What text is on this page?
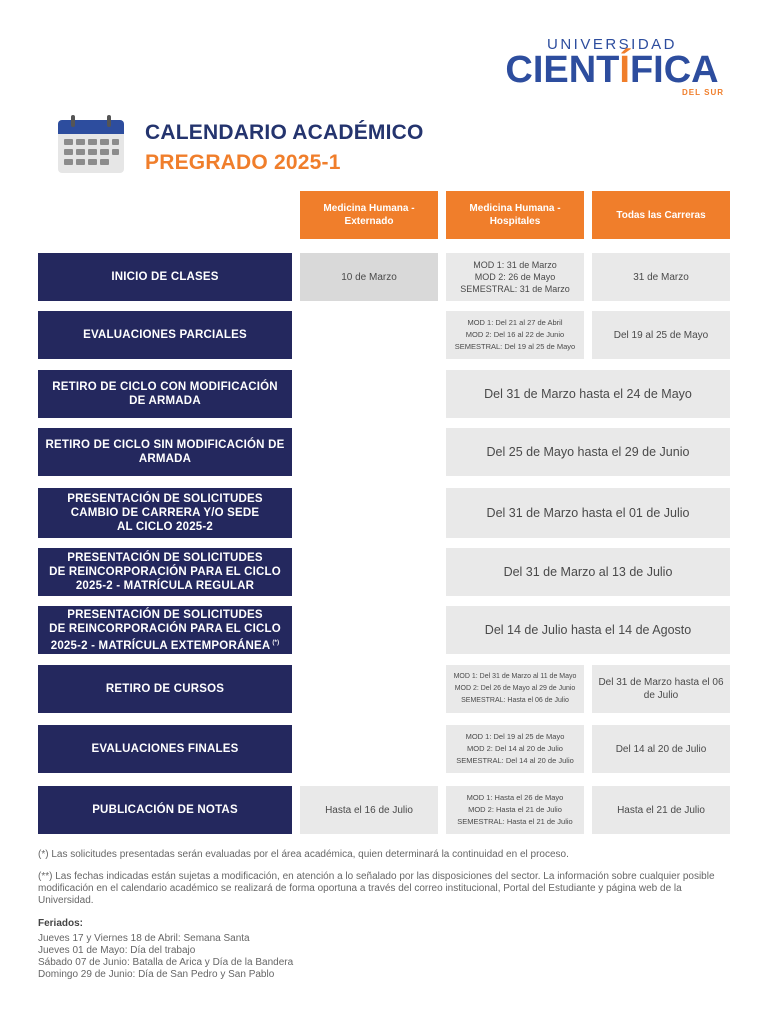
UNIVERSIDAD
CIENTÍFICA
DEL SUR
CALENDARIO ACADÉMICO
PREGRADO 2025-1
Medicina Humana - Externado
Medicina Humana - Hospitales
Todas las Carreras
INICIO DE CLASES	10 de Marzo
MOD 1: 31 de Marzo
MOD 2: 26 de Mayo
SEMESTRAL: 31 de Marzo
31 de Marzo
EVALUACIONES PARCIALES
MOD 1: Del 21 al 27 de Abril
MOD 2: Del 16 al 22 de Junio
SEMESTRAL: Del 19 al 25 de Mayo
Del 19 al 25 de Mayo
RETIRO DE CICLO CON MODIFICACIÓN DE ARMADA
Del 31 de Marzo hasta el 24 de Mayo
RETIRO DE CICLO SIN MODIFICACIÓN DE ARMADA
Del 25 de Mayo hasta el 29 de Junio
PRESENTACIÓN DE SOLICITUDES
CAMBIO DE CARRERA Y/O SEDE
AL CICLO 2025-2
Del 31 de Marzo hasta el 01 de Julio
PRESENTACIÓN DE SOLICITUDES
DE REINCORPORACIÓN PARA EL CICLO
2025-2 - MATRÍCULA REGULAR
Del 31 de Marzo al 13 de Julio
PRESENTACIÓN DE SOLICITUDES
DE REINCORPORACIÓN PARA EL CICLO
2025-2 - MATRÍCULA EXTEMPORÁNEA (*)
Del 14 de Julio hasta el 14 de Agosto
RETIRO DE CURSOS
MOD 1: Del 31 de Marzo al 11 de Mayo
MOD 2: Del 26 de Mayo al 29 de Junio
SEMESTRAL: Hasta el 06 de Julio
Del 31 de Marzo hasta el 06 de Julio
EVALUACIONES FINALES
MOD 1: Del 19 al 25 de Mayo
MOD 2: Del 14 al 20 de Julio
SEMESTRAL: Del 14 al 20 de Julio
Del 14 al 20 de Julio
PUBLICACIÓN DE NOTAS	Hasta el 16 de Julio
MOD 1: Hasta el 26 de Mayo
MOD 2: Hasta el 21 de Julio
SEMESTRAL: Hasta el 21 de Julio
Hasta el 21 de Julio
(*) Las solicitudes presentadas serán evaluadas por el área académica, quien determinará la continuidad en el proceso.
(**) Las fechas indicadas están sujetas a modificación, en atención a lo señalado por las disposiciones del sector. La información sobre cualquier posible modificación en el calendario académico se realizará de forma oportuna a través del correo institucional, Portal del Estudiante y página web de la Universidad.
Feriados:
Jueves 17 y Viernes 18 de Abril: Semana Santa
Jueves 01 de Mayo: Día del trabajo
Sábado 07 de Junio: Batalla de Arica y Día de la Bandera
Domingo 29 de Junio: Día de San Pedro y San Pablo
